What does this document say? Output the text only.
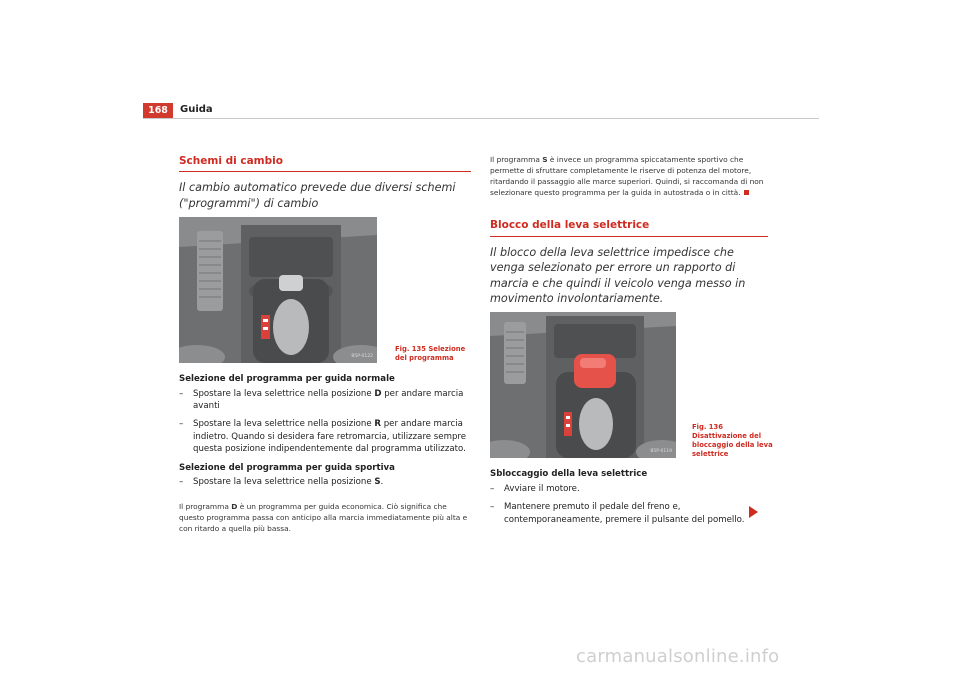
168	Guida
Schemi di cambio
Il cambio automatico prevede due diversi schemi ("programmi") di cambio
B5P-0122
Fig. 135 Selezione del programma
Selezione del programma per guida normale
– Spostare la leva selettrice nella posizione D per andare marcia avanti
– Spostare la leva selettrice nella posizione R per andare marcia indietro. Quando si desidera fare retromarcia, utilizzare sempre questa posizione indipendentemente dal programma utilizzato.
Selezione del programma per guida sportiva
– Spostare la leva selettrice nella posizione S.
Il programma D è un programma per guida economica. Ciò significa che questo programma passa con anticipo alla marcia immediatamente più alta e con ritardo a quella più bassa.
Il programma S è invece un programma spiccatamente sportivo che permette di sfruttare completamente le riserve di potenza del motore, ritardando il passaggio alle marce superiori. Quindi, si raccomanda di non selezionare questo programma per la guida in autostrada o in città.
Blocco della leva selettrice
Il blocco della leva selettrice impedisce che venga selezionato per errore un rapporto di marcia e che quindi il veicolo venga messo in movimento involontariamente.
B5P-0119
Fig. 136 Disattivazione del bloccaggio della leva selettrice
Sbloccaggio della leva selettrice
– Avviare il motore.
– Mantenere premuto il pedale del freno e, contemporaneamente, premere il pulsante del pomello.
carmanualsonline.info
